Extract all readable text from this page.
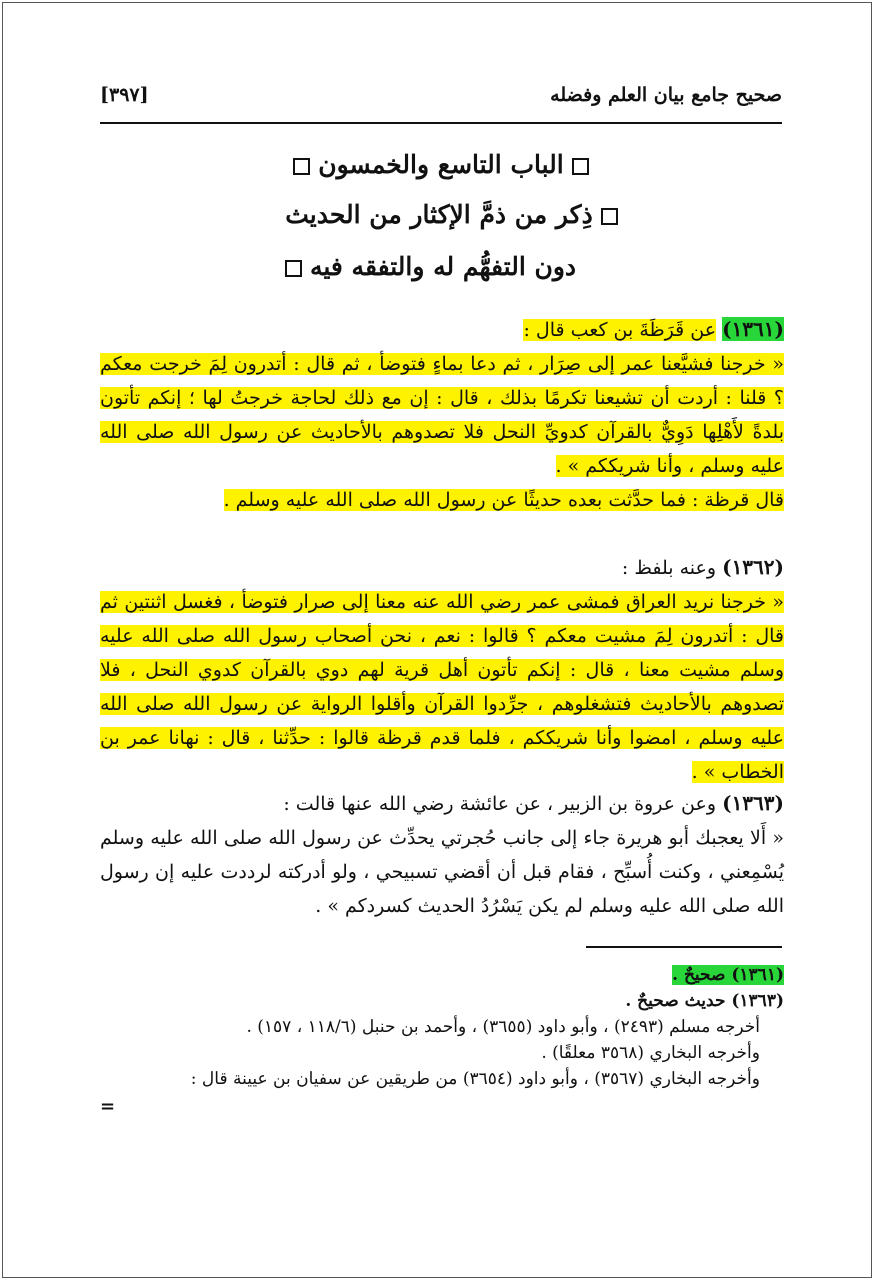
صحيح جامع بيان العلم وفضله
[٣٩٧]
الباب التاسع والخمسون
ذِكر من ذمَّ الإكثار من الحديث
دون التفهُّم له والتفقه فيه
(١٣٦١) عن قَرَظَةَ بن كعب قال :
« خرجنا فشيَّعنا عمر إلى صِرَار ، ثم دعا بماءٍ فتوضأ ، ثم قال : أتدرون لِمَ خرجت معكم ؟ قلنا : أردت أن تشيعنا تكرمًا بذلك ، قال : إن مع ذلك لحاجة خرجتُ لها ؛ إنكم تأتون بلدةً لأَهْلِها دَوِيٌّ بالقرآن كدويِّ النحل فلا تصدوهم بالأحاديث عن رسول الله صلى الله عليه وسلم ، وأنا شريككم » .
قال قرظة : فما حدَّثت بعده حديثًا عن رسول الله صلى الله عليه وسلم .
(١٣٦٢) وعنه بلفظ :
« خرجنا نريد العراق فمشى عمر رضي الله عنه معنا إلى صرار فتوضأ ، فغسل اثنتين ثم قال : أتدرون لِمَ مشيت معكم ؟ قالوا : نعم ، نحن أصحاب رسول الله صلى الله عليه وسلم مشيت معنا ، قال : إنكم تأتون أهل قرية لهم دوي بالقرآن كدوي النحل ، فلا تصدوهم بالأحاديث فتشغلوهم ، جرِّدوا القرآن وأقلوا الرواية عن رسول الله صلى الله عليه وسلم ، امضوا وأنا شريككم ، فلما قدم قرظة قالوا : حدِّثنا ، قال : نهانا عمر بن الخطاب » .
(١٣٦٣) وعن عروة بن الزبير ، عن عائشة رضي الله عنها قالت :
« أَلا يعجبك أبو هريرة جاء إلى جانب حُجرتي يحدِّث عن رسول الله صلى الله عليه وسلم يُسْمِعني ، وكنت أُسبِّح ، فقام قبل أن أقضي تسبيحي ، ولو أدركته لرددت عليه إن رسول الله صلى الله عليه وسلم لم يكن يَسْرُدُ الحديث كسردكم » .
(١٣٦١) صحيحٌ .
(١٣٦٣) حديث صحيحٌ .
أخرجه مسلم (٢٤٩٣) ، وأبو داود (٣٦٥٥) ، وأحمد بن حنبل (١١٨/٦ ، ١٥٧) .
وأخرجه البخاري (٣٥٦٨ معلقًا) .
وأخرجه البخاري (٣٥٦٧) ، وأبو داود (٣٦٥٤) من طريقين عن سفيان بن عيينة قال :
=
